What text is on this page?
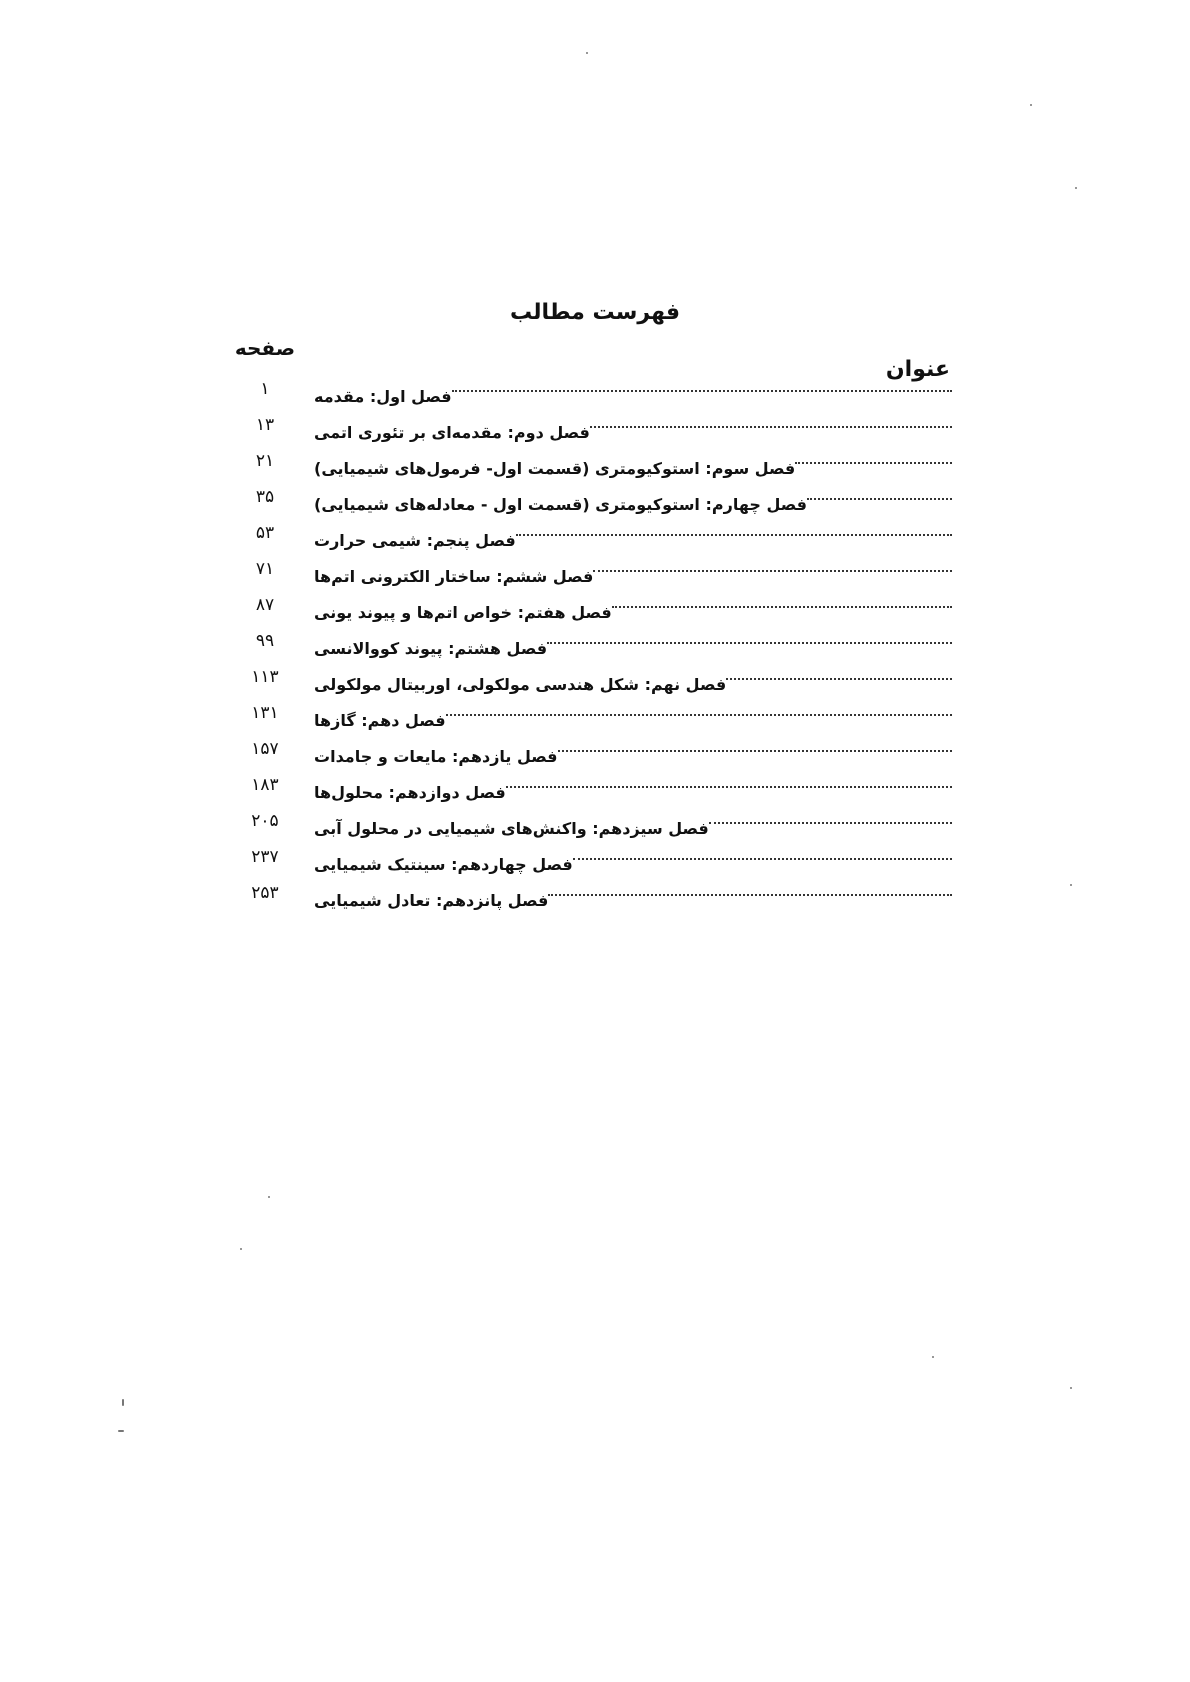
فهرست مطالب
صفحه
عنوان
۱	فصل اول: مقدمه
۱۳	فصل دوم: مقدمه‌ای بر تئوری اتمی
۲۱	فصل سوم: استوکیومتری (قسمت اول- فرمول‌های شیمیایی)
۳۵	فصل چهارم: استوکیومتری (قسمت اول - معادله‌های شیمیایی)
۵۳	فصل پنجم: شیمی حرارت
۷۱	فصل ششم: ساختار الکترونی اتم‌ها
۸۷	فصل هفتم: خواص اتم‌ها و پیوند یونی
۹۹	فصل هشتم: پیوند کووالانسی
۱۱۳	فصل نهم: شکل هندسی مولکولی، اوربیتال مولکولی
۱۳۱	فصل دهم: گازها
۱۵۷	فصل یازدهم: مایعات و جامدات
۱۸۳	فصل دوازدهم: محلول‌ها
۲۰۵	فصل سیزدهم: واکنش‌های شیمیایی در محلول آبی
۲۳۷	فصل چهاردهم: سینتیک شیمیایی
۲۵۳	فصل پانزدهم: تعادل شیمیایی
